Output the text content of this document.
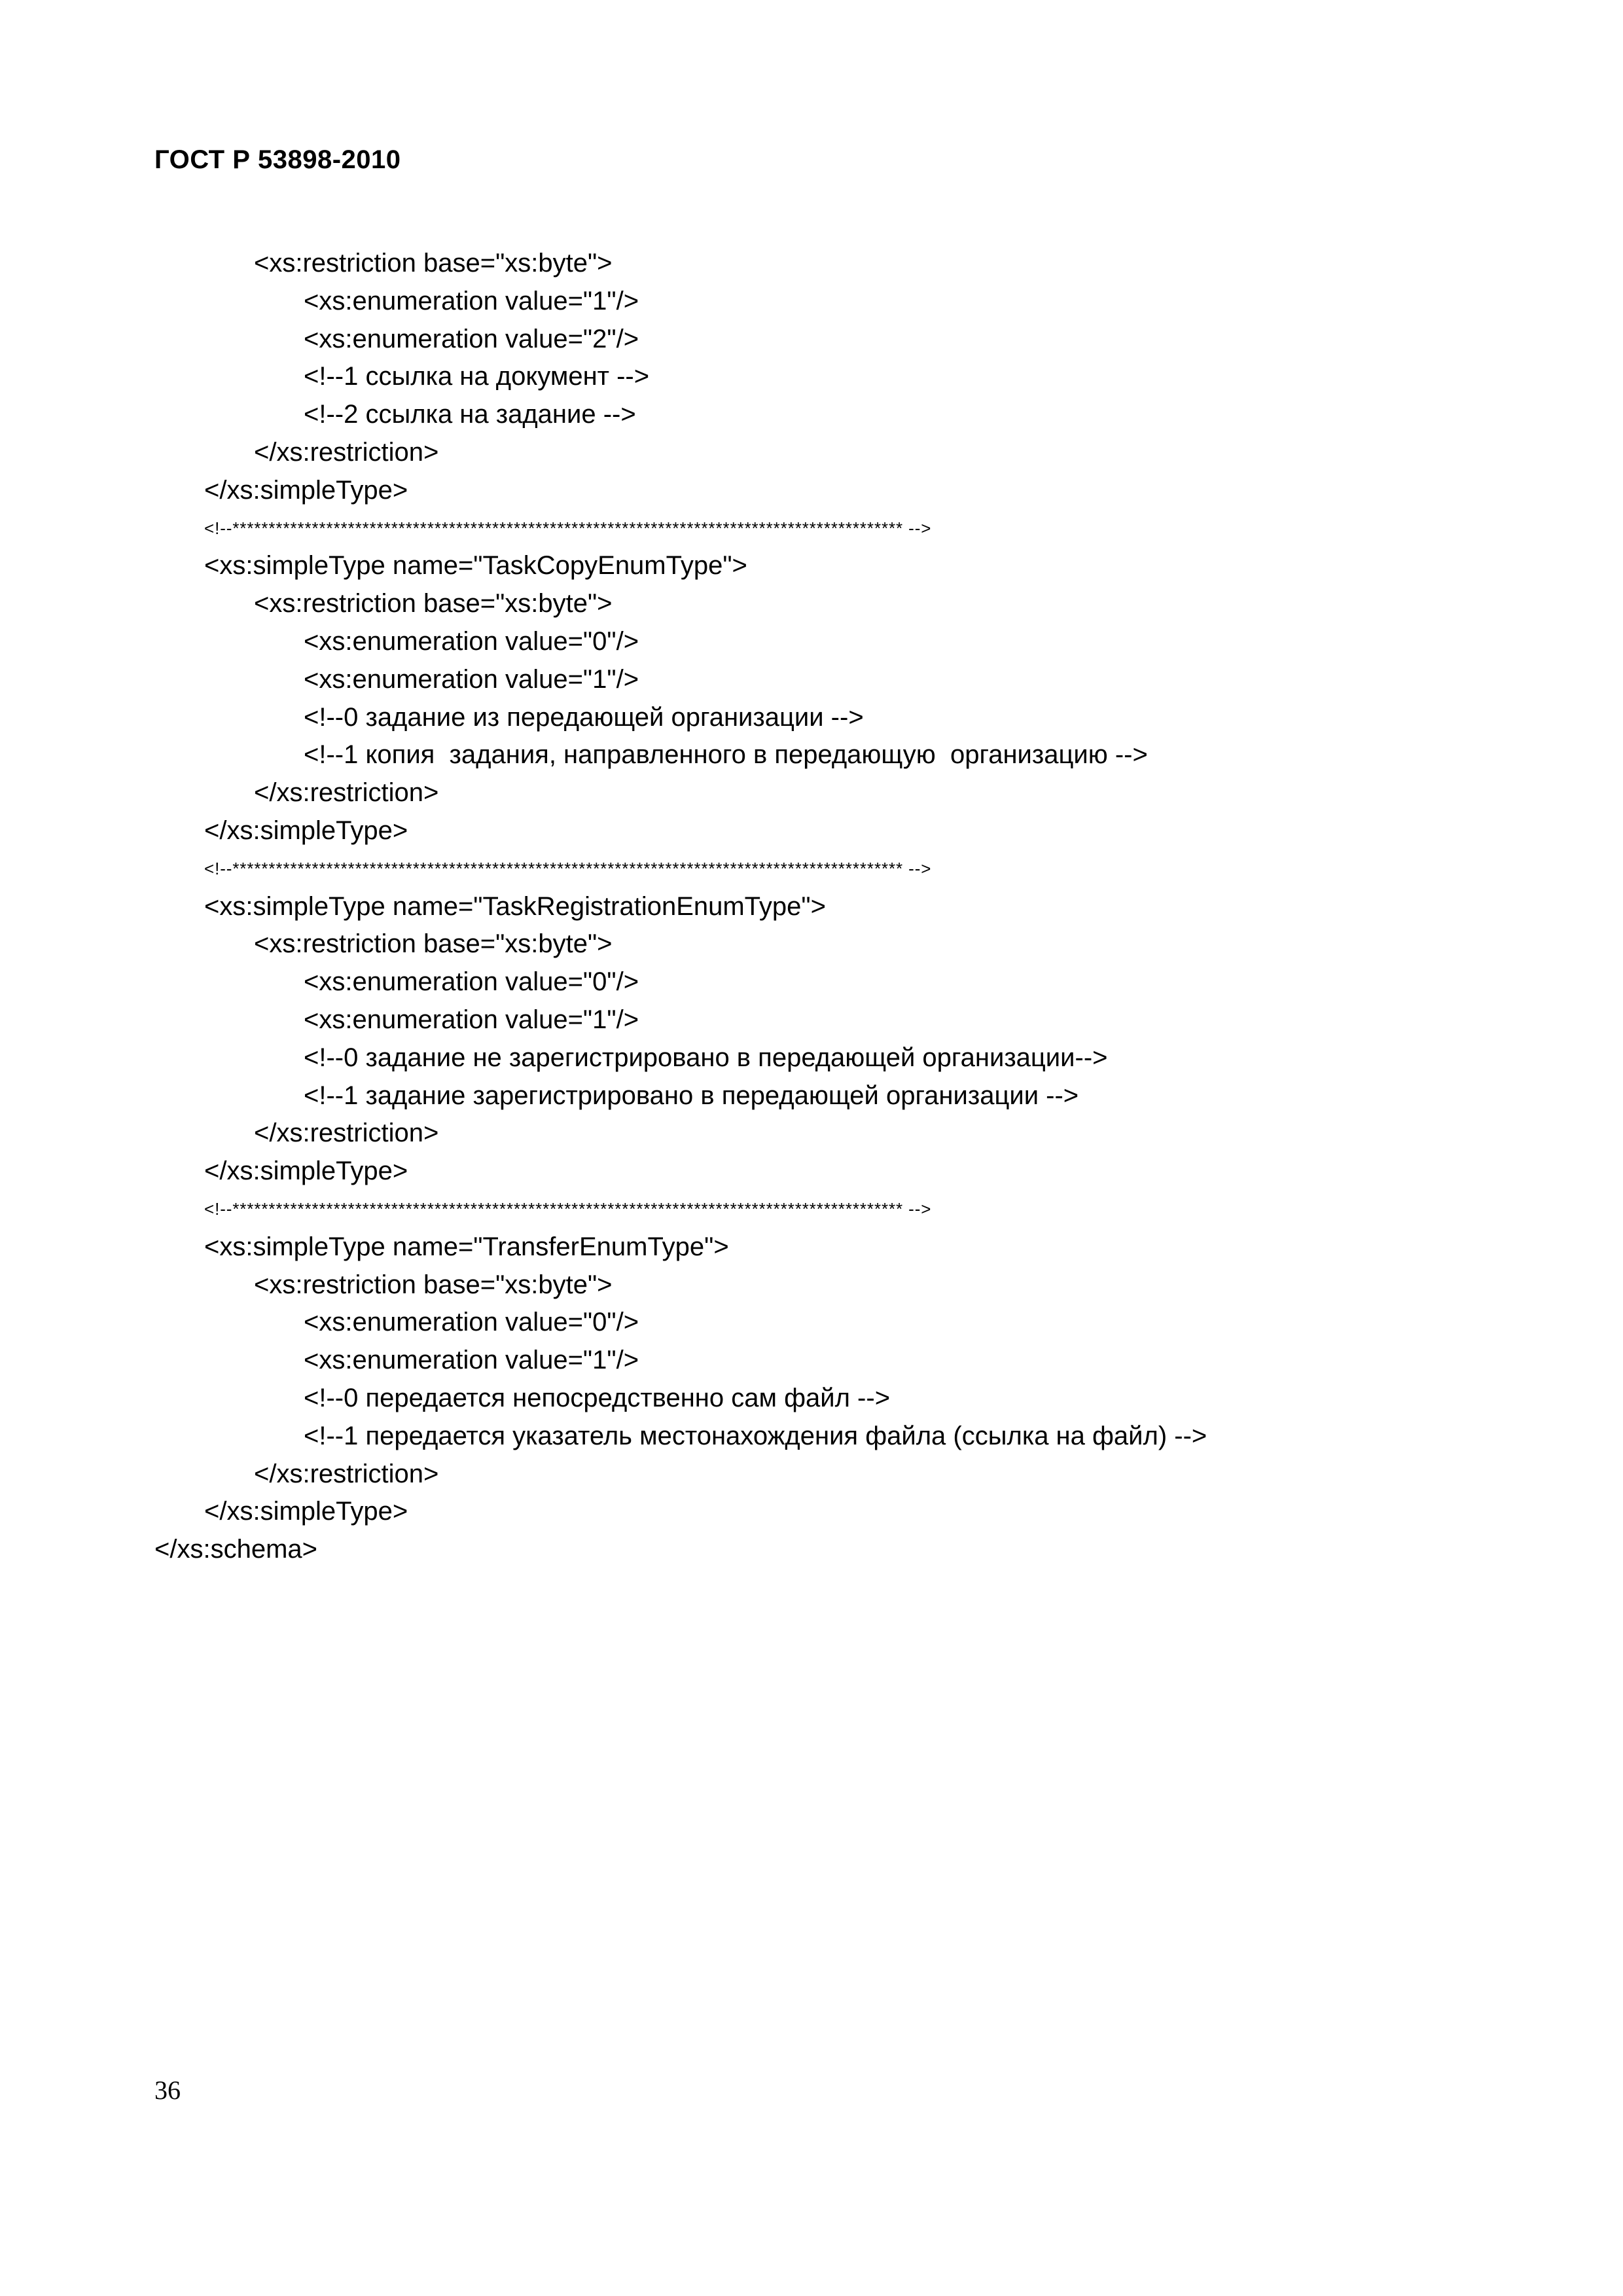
ГОСТ Р 53898-2010
<xs:restriction base="xs:byte">
<xs:enumeration value="1"/>
<xs:enumeration value="2"/>
<!--1 ссылка на документ -->
<!--2 ссылка на задание -->
</xs:restriction>
</xs:simpleType>
<!--********************************************************************************************* -->
<xs:simpleType name="TaskCopyEnumType">
<xs:restriction base="xs:byte">
<xs:enumeration value="0"/>
<xs:enumeration value="1"/>
<!--0 задание из передающей организации -->
<!--1 копия  задания, направленного в передающую  организацию -->
</xs:restriction>
</xs:simpleType>
<!--********************************************************************************************* -->
<xs:simpleType name="TaskRegistrationEnumType">
<xs:restriction base="xs:byte">
<xs:enumeration value="0"/>
<xs:enumeration value="1"/>
<!--0 задание не зарегистрировано в передающей организации-->
<!--1 задание зарегистрировано в передающей организации -->
</xs:restriction>
</xs:simpleType>
<!--********************************************************************************************* -->
<xs:simpleType name="TransferEnumType">
<xs:restriction base="xs:byte">
<xs:enumeration value="0"/>
<xs:enumeration value="1"/>
<!--0 передается непосредственно сам файл -->
<!--1 передается указатель местонахождения файла (ссылка на файл) -->
</xs:restriction>
</xs:simpleType>
</xs:schema>
36
